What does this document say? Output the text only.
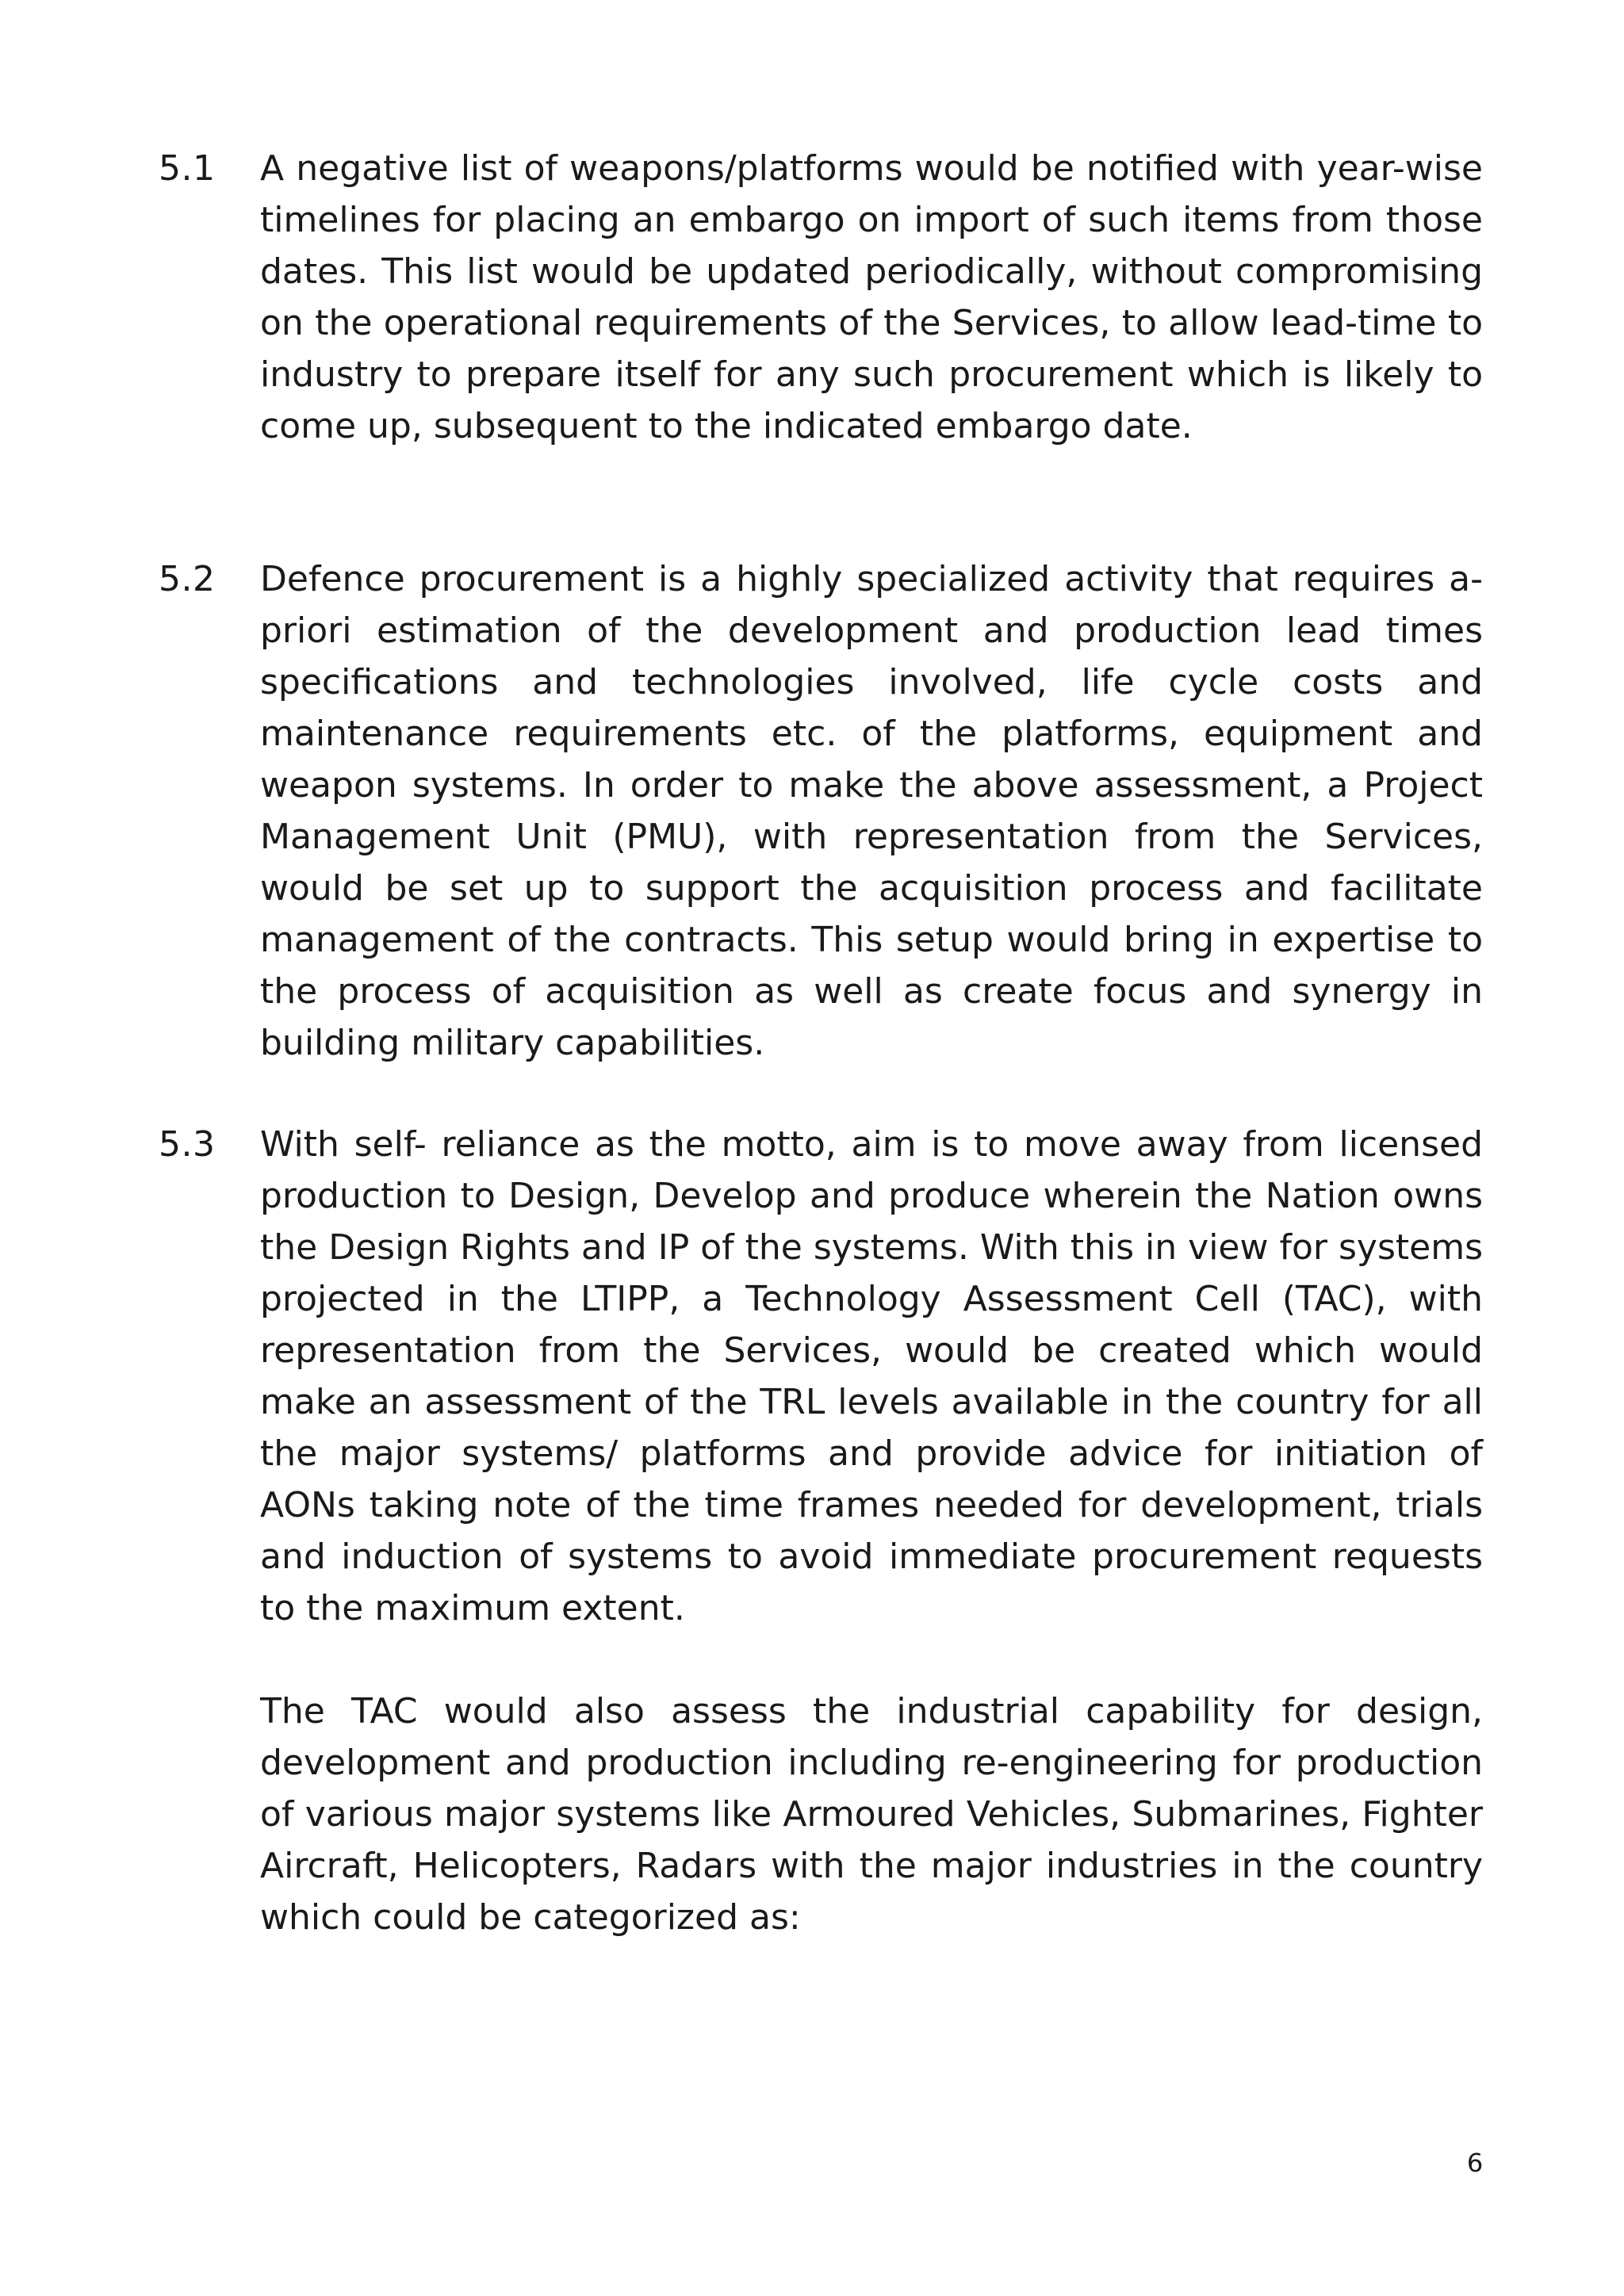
5.1	A negative list of weapons/platforms would be notified with year-wise timelines for placing an embargo on import of such items from those dates. This list would be updated periodically, without compromising on the operational requirements of the Services, to allow lead-time to industry to prepare itself for any such procurement which is likely to come up, subsequent to the indicated embargo date.

5.2	Defence procurement is a highly specialized activity that requires a-priori estimation of the development and production lead times specifications and technologies involved, life cycle costs and maintenance requirements etc. of the platforms, equipment and weapon systems. In order to make the above assessment, a Project Management Unit (PMU), with representation from the Services, would be set up to support the acquisition process and facilitate management of the contracts. This setup would bring in expertise to the process of acquisition as well as create focus and synergy in building military capabilities.

5.3	With self- reliance as the motto, aim is to move away from licensed production to Design, Develop and produce wherein the Nation owns the Design Rights and IP of the systems. With this in view for systems projected in the LTIPP, a Technology Assessment Cell (TAC), with representation from the Services, would be created which would make an assessment of the TRL levels available in the country for all the major systems/ platforms and provide advice for initiation of AONs taking note of the time frames needed for development, trials and induction of systems to avoid immediate procurement requests to the maximum extent.

The TAC would also assess the industrial capability for design, development and production including re-engineering for production of various major systems like Armoured Vehicles, Submarines, Fighter Aircraft, Helicopters, Radars with the major industries in the country which could be categorized as:

6
